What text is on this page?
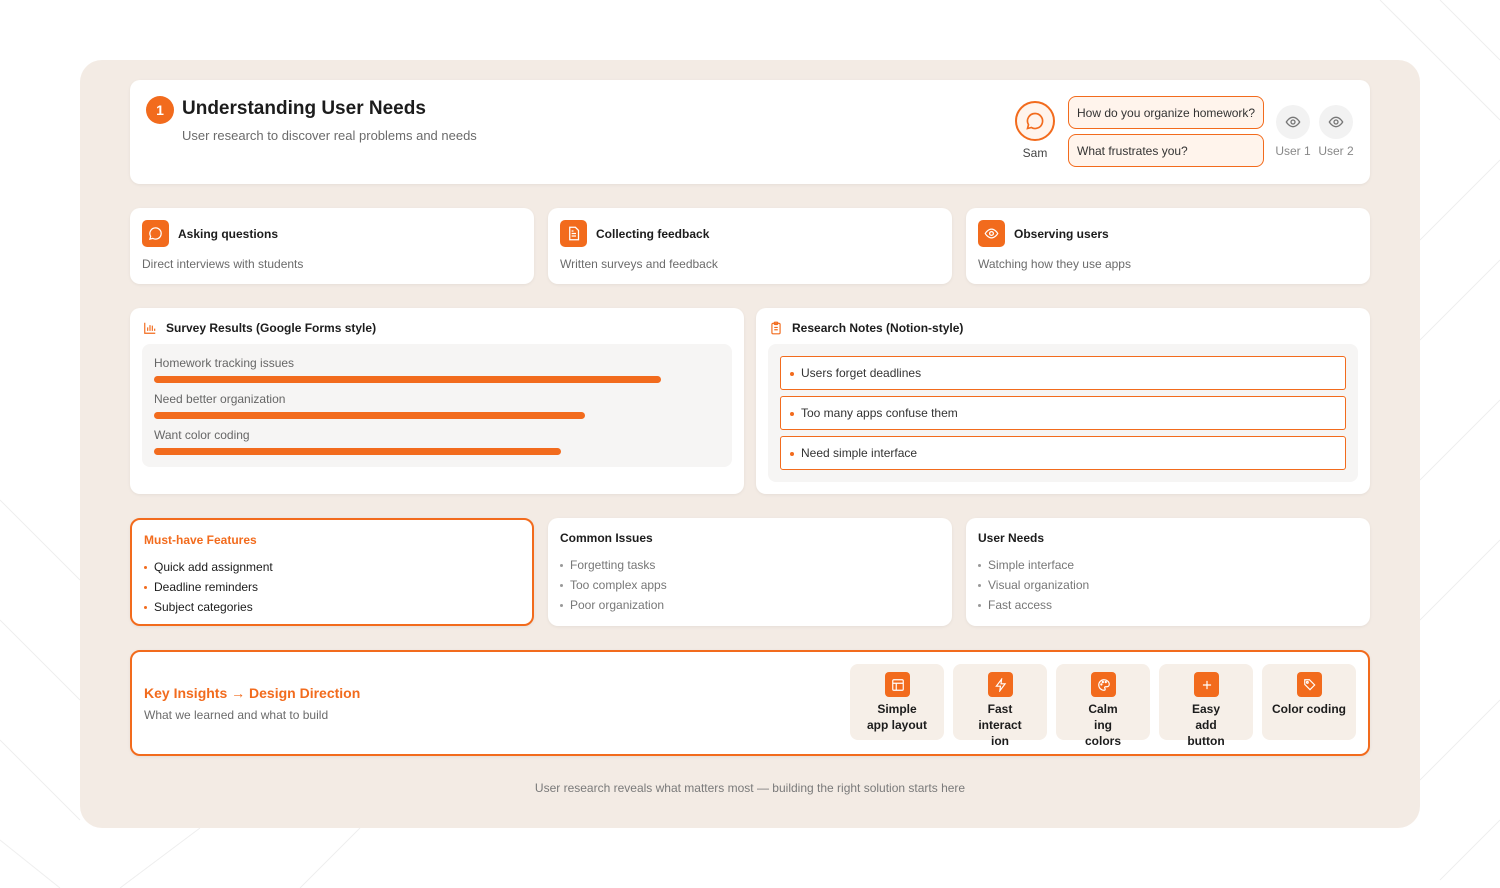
1 Understanding User Needs
User research to discover real problems and needs
Sam
How do you organize homework?
What frustrates you?	User 1 User 2
Asking questions
Direct interviews with students
Collecting feedback
Written surveys and feedback
Observing users
Watching how they use apps
Survey Results (Google Forms style)
Homework tracking issues
Need better organization
Want color coding
Research Notes (Notion-style)
Users forget deadlines
Too many apps confuse them
Need simple interface
Must-have Features
Quick add assignment
Deadline reminders
Subject categories
Common Issues
Forgetting tasks
Too complex apps
Poor organization
User Needs
Simple interface
Visual organization
Fast access
Key Insights → Design Direction
What we learned and what to build	Simple
app layout
Fast
interact
ion
Calm
ing
colors
Easy
add
button
Color coding
User research reveals what matters most — building the right solution starts here
